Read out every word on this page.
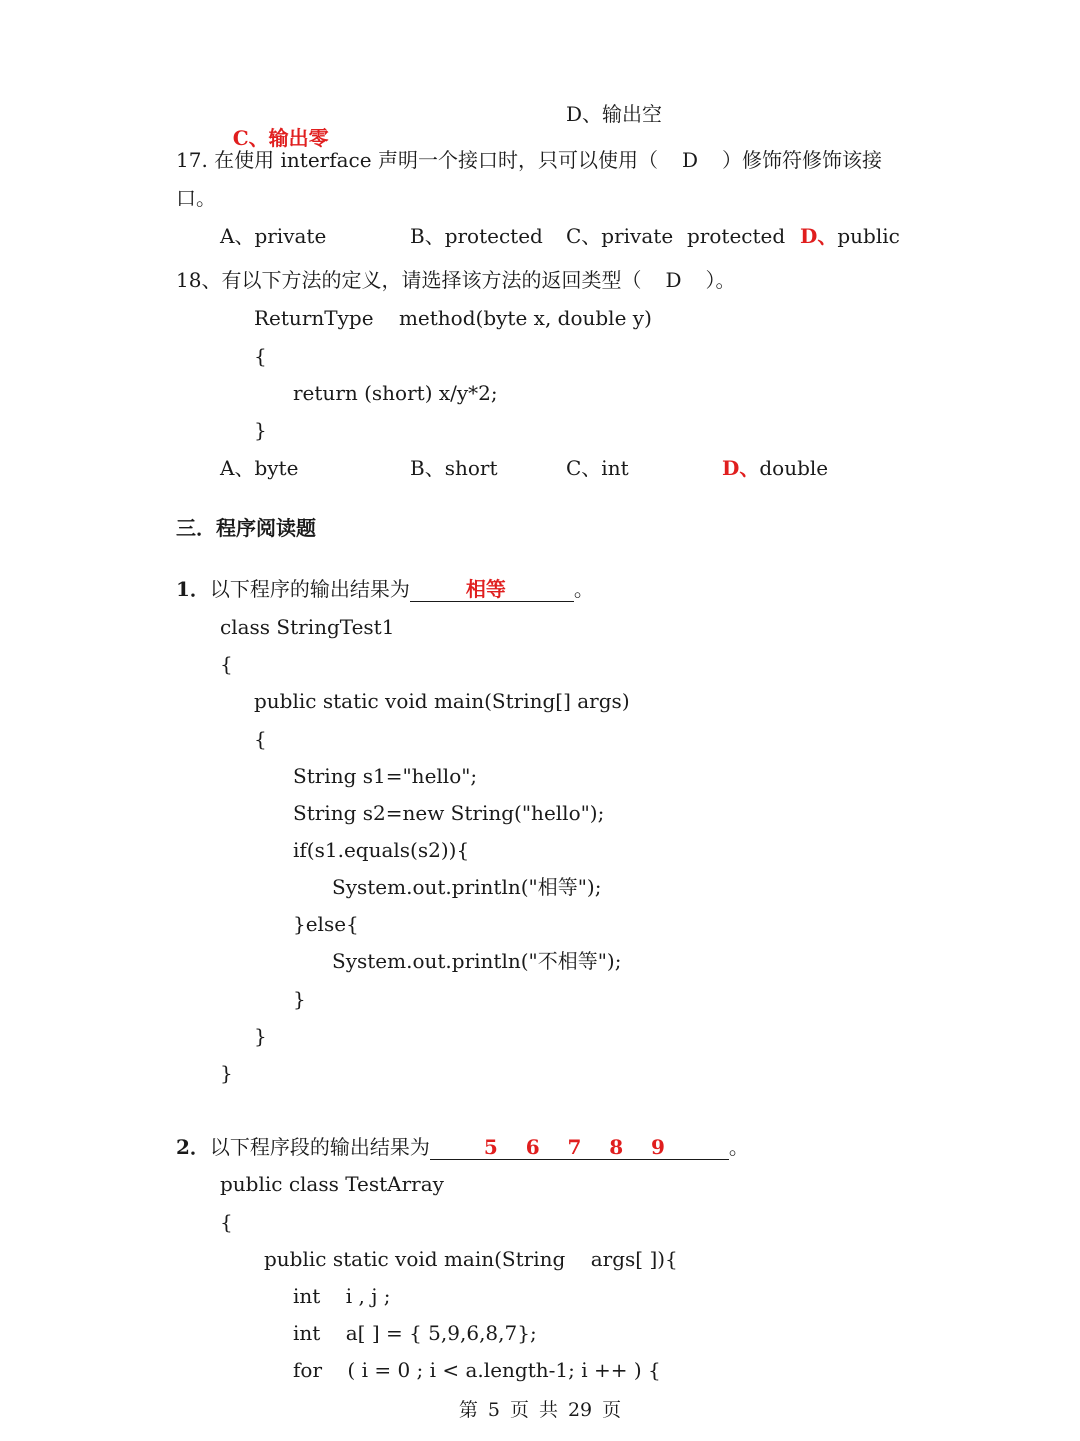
C、输出零

D、输出空
17. 在使用 interface 声明一个接口时，只可以使用（ D ）修饰符修饰该接
口。
A、private	B、protected C、private protected D、public
18、有以下方法的定义，请选择该方法的返回类型（ D ）。
ReturnType    method(byte x, double y)
{
return (short) x/y*2;
}
A、byte	B、short	C、int	D、double
三．程序阅读题
1．以下程序的输出结果为	相等	。
class StringTest1
{
public static void main(String[] args)
{
String s1="hello";
String s2=new String("hello");
if(s1.equals(s2)){
System.out.println("相等");
}else{
System.out.println("不相等");
}
}
}
2．以下程序段的输出结果为	5    6    7    8    9	。
public class TestArray
{
public static void main(String    args[ ]){
int    i , j ;
int    a[ ] = { 5,9,6,8,7};
for    ( i = 0 ; i < a.length-1; i ++ ) {
第 5 页 共 29 页
